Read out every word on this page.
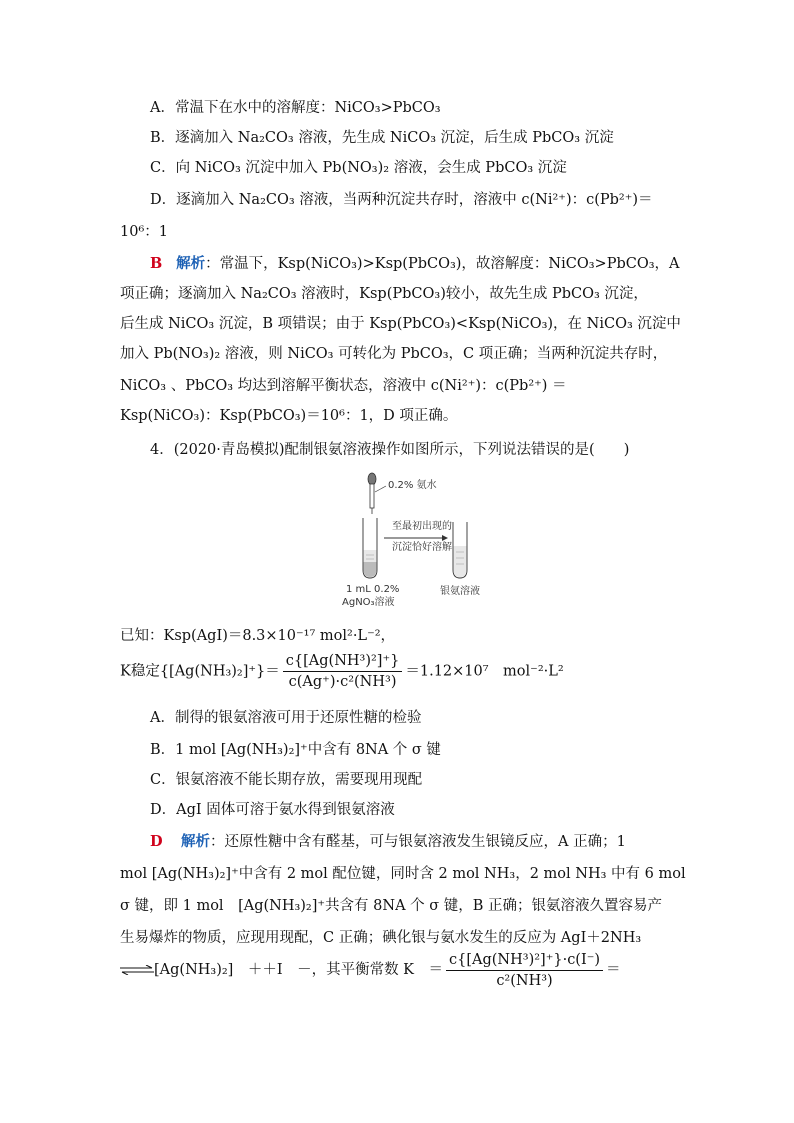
A．常温下在水中的溶解度：NiCO₃>PbCO₃
B．逐滴加入 Na₂CO₃ 溶液，先生成 NiCO₃ 沉淀，后生成 PbCO₃ 沉淀
C．向 NiCO₃ 沉淀中加入 Pb(NO₃)₂ 溶液，会生成 PbCO₃ 沉淀
D．逐滴加入 Na₂CO₃ 溶液，当两种沉淀共存时，溶液中 c(Ni²⁺)：c(Pb²⁺)＝
10⁶：1
B 解析：常温下，Ksp(NiCO₃)>Ksp(PbCO₃)，故溶解度：NiCO₃>PbCO₃，A
项正确；逐滴加入 Na₂CO₃ 溶液时，Ksp(PbCO₃)较小，故先生成 PbCO₃ 沉淀，
后生成 NiCO₃ 沉淀，B 项错误；由于 Ksp(PbCO₃)<Ksp(NiCO₃)，在 NiCO₃ 沉淀中
加入 Pb(NO₃)₂ 溶液，则 NiCO₃ 可转化为 PbCO₃，C 项正确；当两种沉淀共存时，
NiCO₃ 、PbCO₃ 均达到溶解平衡状态，溶液中 c(Ni²⁺)：c(Pb²⁺) ＝
Ksp(NiCO₃)：Ksp(PbCO₃)＝10⁶：1，D 项正确。
4．(2020·青岛模拟)配制银氨溶液操作如图所示，下列说法错误的是(　　)
0.2% 氨水
至最初出现的
沉淀恰好溶解
1 mL 0.2%
AgNO₃溶液
银氨溶液
已知：Ksp(AgI)＝8.3×10⁻¹⁷ mol²·L⁻²，
K稳定$\{[Ag(NH_3)_2]^+\}= \frac{\text{c\{[Ag(NH³)²]⁺\}}}{\text{c(Ag⁺)·c²(NH³)}} =1.12\times 10^7$　mol⁻²·L²
A．制得的银氨溶液可用于还原性糖的检验
B．1 mol [Ag(NH₃)₂]⁺中含有 8NA 个 σ 键
C．银氨溶液不能长期存放，需要现用现配
D．AgI 固体可溶于氨水得到银氨溶液
D 解析：还原性糖中含有醛基，可与银氨溶液发生银镜反应，A 正确；1
mol [Ag(NH₃)₂]⁺中含有 2 mol 配位键，同时含 2 mol NH₃，2 mol NH₃ 中有 6 mol
σ 键，即 1 mol　[Ag(NH₃)₂]⁺共含有 8NA 个 σ 键，B 正确；银氨溶液久置容易产
生易爆炸的物质，应现用现配，C 正确；碘化银与氨水发生的反应为 AgI＋2NH₃
⇌[Ag(NH₃)₂]　＋＋I　－，其平衡常数 K　＝ $\frac{\text{c\{[Ag(NH³)²]⁺\}·c(I⁻)}}{\text{c²(NH³)}}$ ＝
